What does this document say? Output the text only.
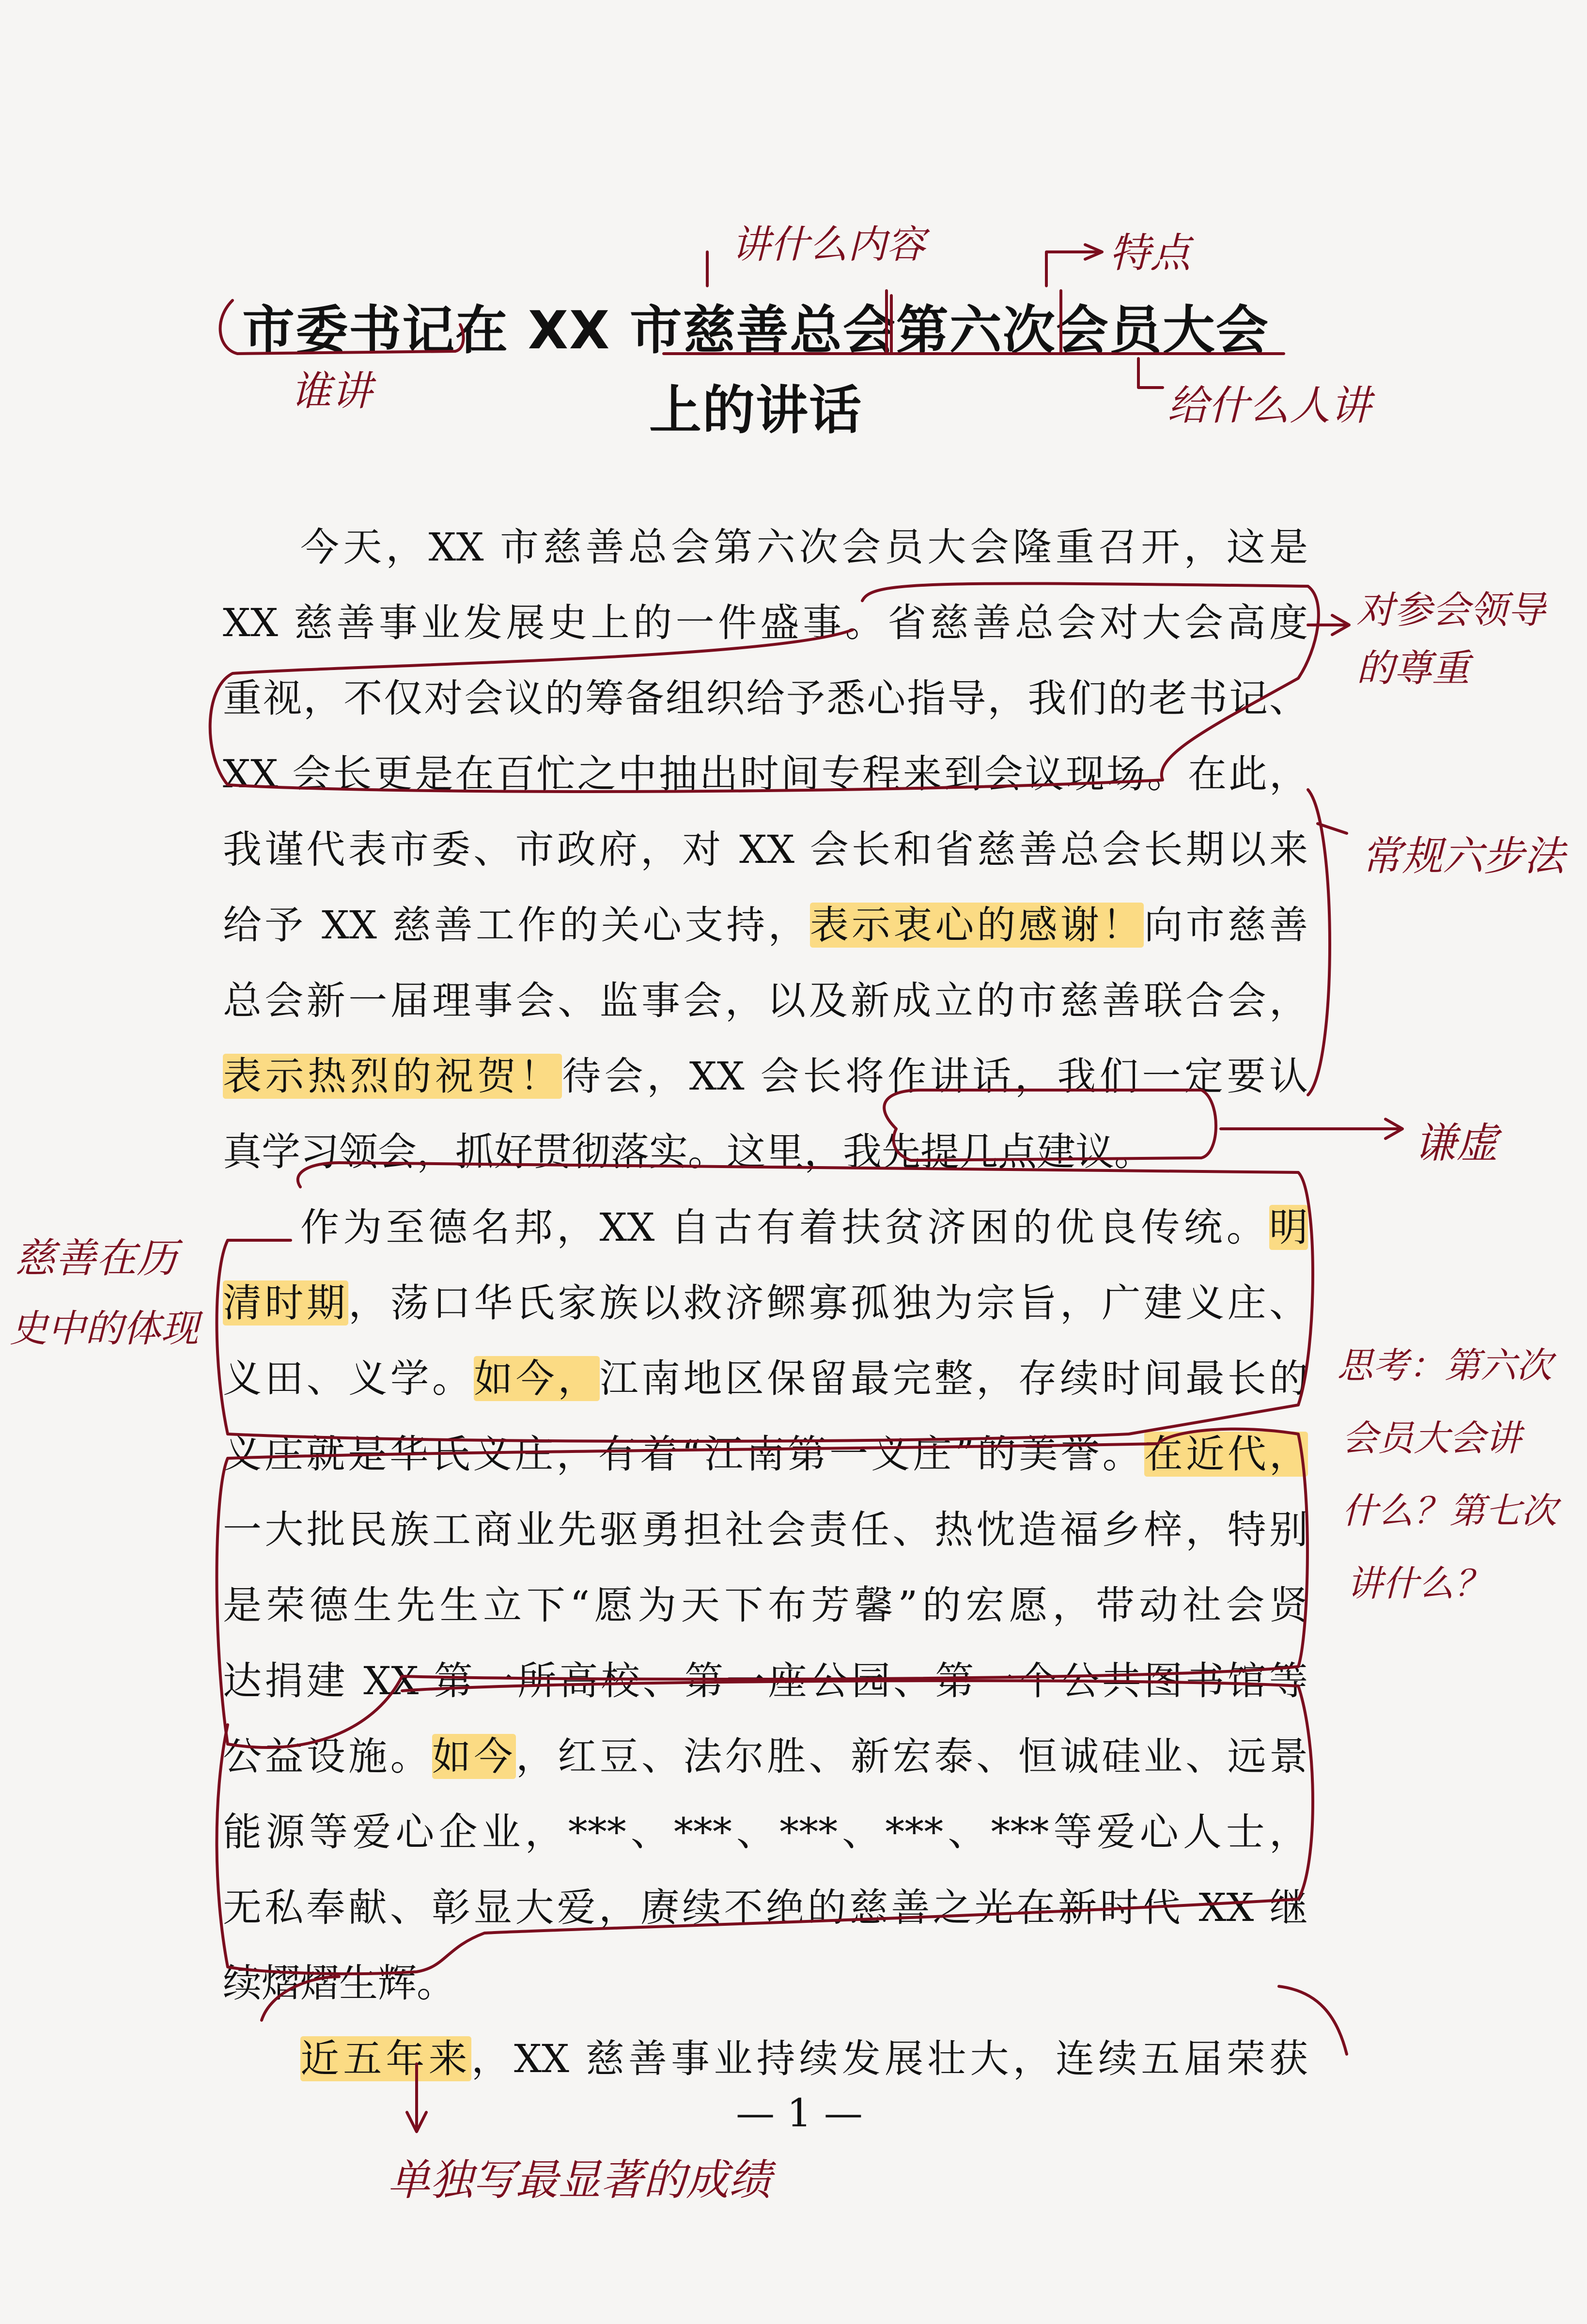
市委书记在 XX 市慈善总会第六次会员大会
上的讲话
今天，XX 市慈善总会第六次会员大会隆重召开，这是
XX 慈善事业发展史上的一件盛事。省慈善总会对大会高度
重视，不仅对会议的筹备组织给予悉心指导，我们的老书记、
XX 会长更是在百忙之中抽出时间专程来到会议现场。在此，
我谨代表市委、市政府，对 XX 会长和省慈善总会长期以来
给予 XX 慈善工作的关心支持，表示衷心的感谢！向市慈善
总会新一届理事会、监事会，以及新成立的市慈善联合会，
表示热烈的祝贺！待会，XX 会长将作讲话，我们一定要认
真学习领会，抓好贯彻落实。这里，我先提几点建议。
作为至德名邦，XX 自古有着扶贫济困的优良传统。明
清时期，荡口华氏家族以救济鳏寡孤独为宗旨，广建义庄、
义田、义学。如今，江南地区保留最完整，存续时间最长的
义庄就是华氏义庄，有着“江南第一义庄”的美誉。在近代，
一大批民族工商业先驱勇担社会责任、热忱造福乡梓，特别
是荣德生先生立下“愿为天下布芳馨”的宏愿，带动社会贤
达捐建 XX 第一所高校、第一座公园、第一个公共图书馆等
公益设施。如今，红豆、法尔胜、新宏泰、恒诚硅业、远景
能源等爱心企业，***、***、***、***、***等爱心人士，
无私奉献、彰显大爱，赓续不绝的慈善之光在新时代 XX 继
续熠熠生辉。
近五年来，XX 慈善事业持续发展壮大，连续五届荣获
— 1 —
谁讲
讲什么内容	特点
给什么人讲
对参会领导的尊重
常规六步法
谦虚
慈善在历
史中的体现
思考：第六次
会员大会讲
什么？第七次
讲什么？
单独写最显著的成绩
